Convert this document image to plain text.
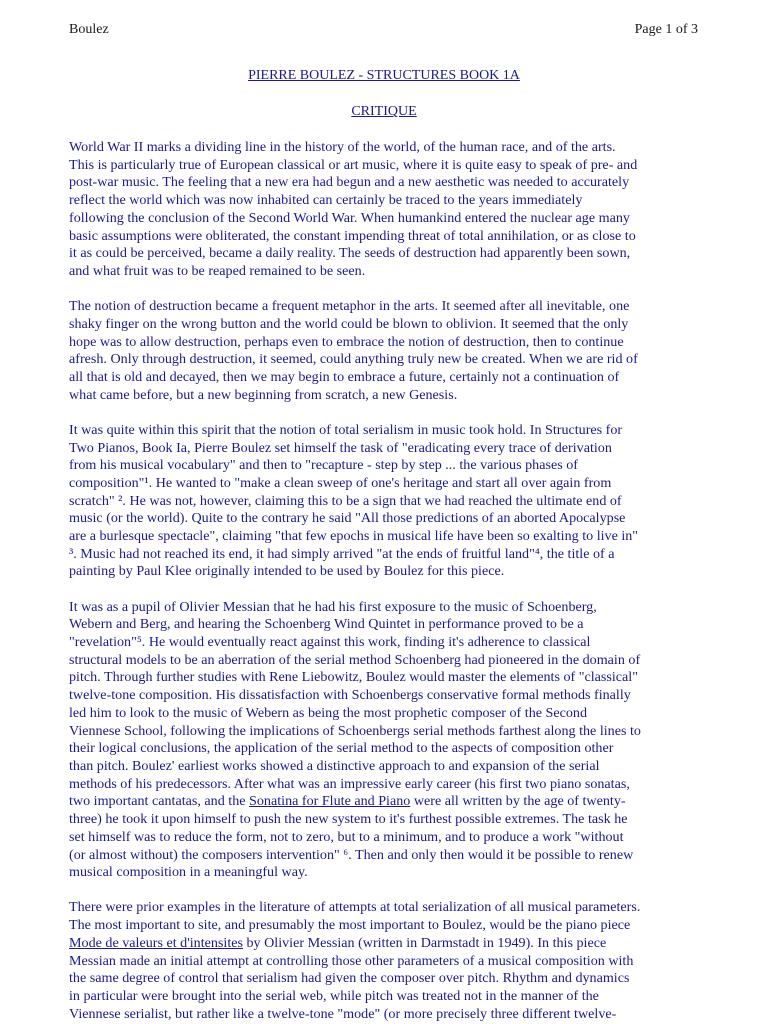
Boulez	Page 1 of 3
PIERRE BOULEZ - STRUCTURES BOOK 1A
CRITIQUE

World War II marks a dividing line in the history of the world, of the human race, and of the arts.
This is particularly true of European classical or art music, where it is quite easy to speak of pre- and
post-war music. The feeling that a new era had begun and a new aesthetic was needed to accurately
reflect the world which was now inhabited can certainly be traced to the years immediately
following the conclusion of the Second World War. When humankind entered the nuclear age many
basic assumptions were obliterated, the constant impending threat of total annihilation, or as close to
it as could be perceived, became a daily reality. The seeds of destruction had apparently been sown,
and what fruit was to be reaped remained to be seen.

The notion of destruction became a frequent metaphor in the arts. It seemed after all inevitable, one
shaky finger on the wrong button and the world could be blown to oblivion. It seemed that the only
hope was to allow destruction, perhaps even to embrace the notion of destruction, then to continue
afresh. Only through destruction, it seemed, could anything truly new be created. When we are rid of
all that is old and decayed, then we may begin to embrace a future, certainly not a continuation of
what came before, but a new beginning from scratch, a new Genesis.

It was quite within this spirit that the notion of total serialism in music took hold. In Structures for
Two Pianos, Book Ia, Pierre Boulez set himself the task of "eradicating every trace of derivation
from his musical vocabulary" and then to "recapture - step by step ... the various phases of
composition"¹. He wanted to "make a clean sweep of one's heritage and start all over again from
scratch" ². He was not, however, claiming this to be a sign that we had reached the ultimate end of
music (or the world). Quite to the contrary he said "All those predictions of an aborted Apocalypse
are a burlesque spectacle", claiming "that few epochs in musical life have been so exalting to live in"
³. Music had not reached its end, it had simply arrived "at the ends of fruitful land"⁴, the title of a
painting by Paul Klee originally intended to be used by Boulez for this piece.

It was as a pupil of Olivier Messian that he had his first exposure to the music of Schoenberg,
Webern and Berg, and hearing the Schoenberg Wind Quintet in performance proved to be a
"revelation"⁵. He would eventually react against this work, finding it's adherence to classical
structural models to be an aberration of the serial method Schoenberg had pioneered in the domain of
pitch. Through further studies with Rene Liebowitz, Boulez would master the elements of "classical"
twelve-tone composition. His dissatisfaction with Schoenbergs conservative formal methods finally
led him to look to the music of Webern as being the most prophetic composer of the Second
Viennese School, following the implications of Schoenbergs serial methods farthest along the lines to
their logical conclusions, the application of the serial method to the aspects of composition other
than pitch. Boulez' earliest works showed a distinctive approach to and expansion of the serial
methods of his predecessors. After what was an impressive early career (his first two piano sonatas,
two important cantatas, and the Sonatina for Flute and Piano were all written by the age of twenty-
three) he took it upon himself to push the new system to it's furthest possible extremes. The task he
set himself was to reduce the form, not to zero, but to a minimum, and to produce a work "without
(or almost without) the composers intervention" ⁶. Then and only then would it be possible to renew
musical composition in a meaningful way.

There were prior examples in the literature of attempts at total serialization of all musical parameters.
The most important to site, and presumably the most important to Boulez, would be the piano piece
Mode de valeurs et d'intensites by Olivier Messian (written in Darmstadt in 1949). In this piece
Messian made an initial attempt at controlling those other parameters of a musical composition with
the same degree of control that serialism had given the composer over pitch. Rhythm and dynamics
in particular were brought into the serial web, while pitch was treated not in the manner of the
Viennese serialist, but rather like a twelve-tone "mode" (or more precisely three different twelve-
